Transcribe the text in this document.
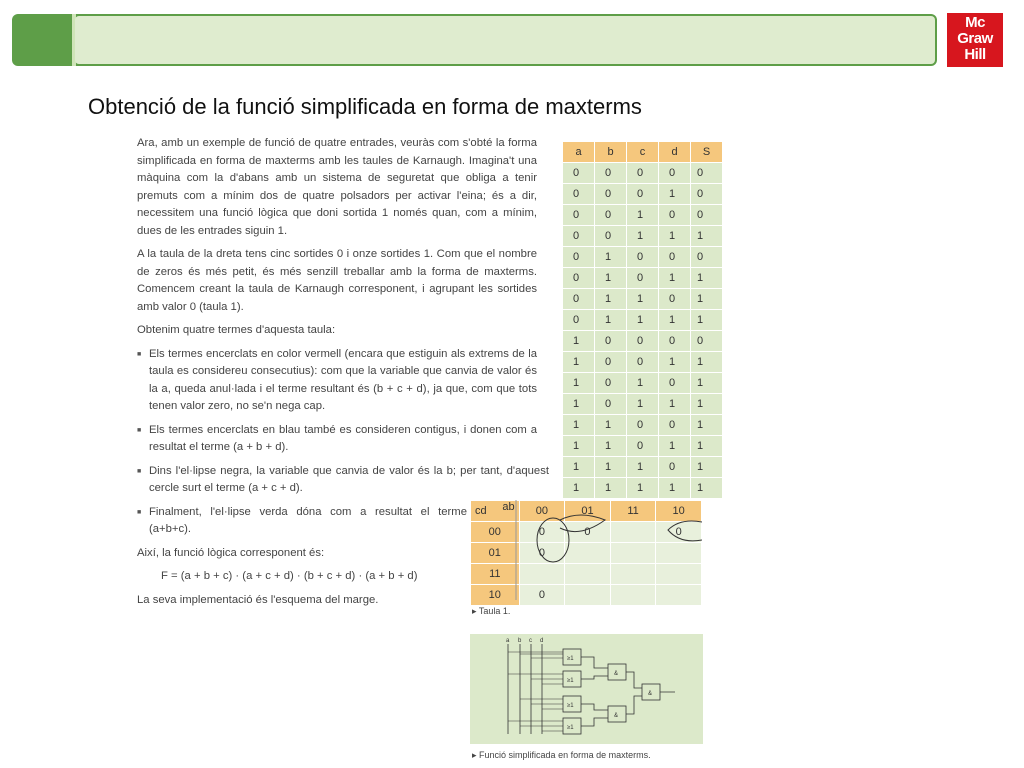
Mc
Graw
Hill
Obtenció de la funció simplificada en forma de maxterms

Ara, amb un exemple de funció de quatre entrades, veuràs com s'obté la forma simplificada en forma de maxterms amb les taules de Karnaugh. Imagina't una màquina com la d'abans amb un sistema de seguretat que obliga a tenir premuts com a mínim dos de quatre polsadors per activar l'eina; és a dir, necessitem una funció lògica que doni sortida 1 només quan, com a mínim, dues de les entrades siguin 1.

A la taula de la dreta tens cinc sortides 0 i onze sortides 1. Com que el nombre de zeros és més petit, és més senzill treballar amb la forma de maxterms. Comencem creant la taula de Karnaugh corresponent, i agrupant les sortides amb valor 0 (taula 1).

Obtenim quatre termes d'aquesta taula:

■ Els termes encerclats en color vermell (encara que estiguin als extrems de la taula es considereu consecutius): com que la variable que canvia de valor és la a, queda anul·lada i el terme resultant és (b + c + d), ja que, com que tots tenen valor zero, no se'n nega cap.

■ Els termes encerclats en blau també es consideren contigus, i donen com a resultat el terme (a + b + d).

■ Dins l'el·lipse negra, la variable que canvia de valor és la b; per tant, d'aquest cercle surt el terme (a + c + d).

■ Finalment, l'el·lipse verda dóna com a resultat el terme (a+b+c).

Així, la funció lògica corresponent és:

F = (a + b + c) · (a + c + d) · (b + c + d) · (a + b + d)

La seva implementació és l'esquema del marge.

a	b	c	d	S
0	0	0	0	0
0	0	0	1	0
0	0	1	0	0
0	0	1	1	1
0	1	0	0	0
0	1	0	1	1
0	1	1	0	1
0	1	1	1	1
1	0	0	0	0
1	0	0	1	1
1	0	1	0	1
1	0	1	1	1
1	1	0	0	1
1	1	0	1	1
1	1	1	0	1
1	1	1	1	1
cd ab	00	01	11	10
00	0	0		0
01	0			
11				
10	0			
▸ Taula 1.
a b c d
≥1
≥1
≥1
≥1
&
&
&
▸ Funció simplificada en forma de maxterms.
